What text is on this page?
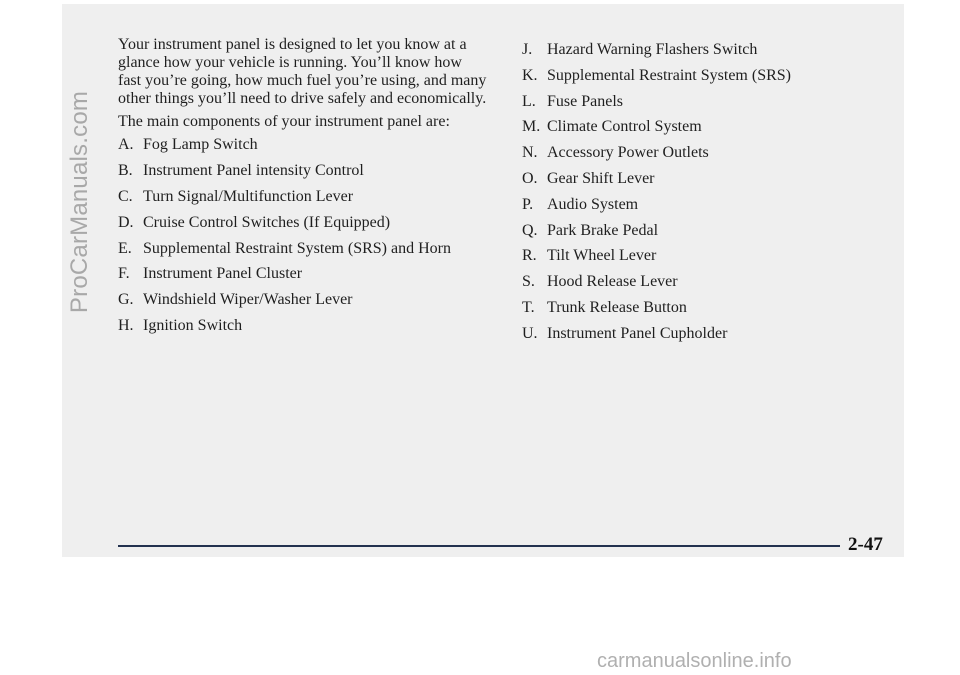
ProCarManuals.com

Your instrument panel is designed to let you know at a glance how your vehicle is running. You’ll know how fast you’re going, how much fuel you’re using, and many other things you’ll need to drive safely and economically.

The main components of your instrument panel are:

A. Fog Lamp Switch
B. Instrument Panel intensity Control
C. Turn Signal/Multifunction Lever
D. Cruise Control Switches (If Equipped)
E. Supplemental Restraint System (SRS) and Horn
F. Instrument Panel Cluster
G. Windshield Wiper/Washer Lever
H. Ignition Switch
J. Hazard Warning Flashers Switch
K. Supplemental Restraint System (SRS)
L. Fuse Panels
M. Climate Control System
N. Accessory Power Outlets
O. Gear Shift Lever
P. Audio System
Q. Park Brake Pedal
R. Tilt Wheel Lever
S. Hood Release Lever
T. Trunk Release Button
U. Instrument Panel Cupholder
2-47
carmanualsonline.info
